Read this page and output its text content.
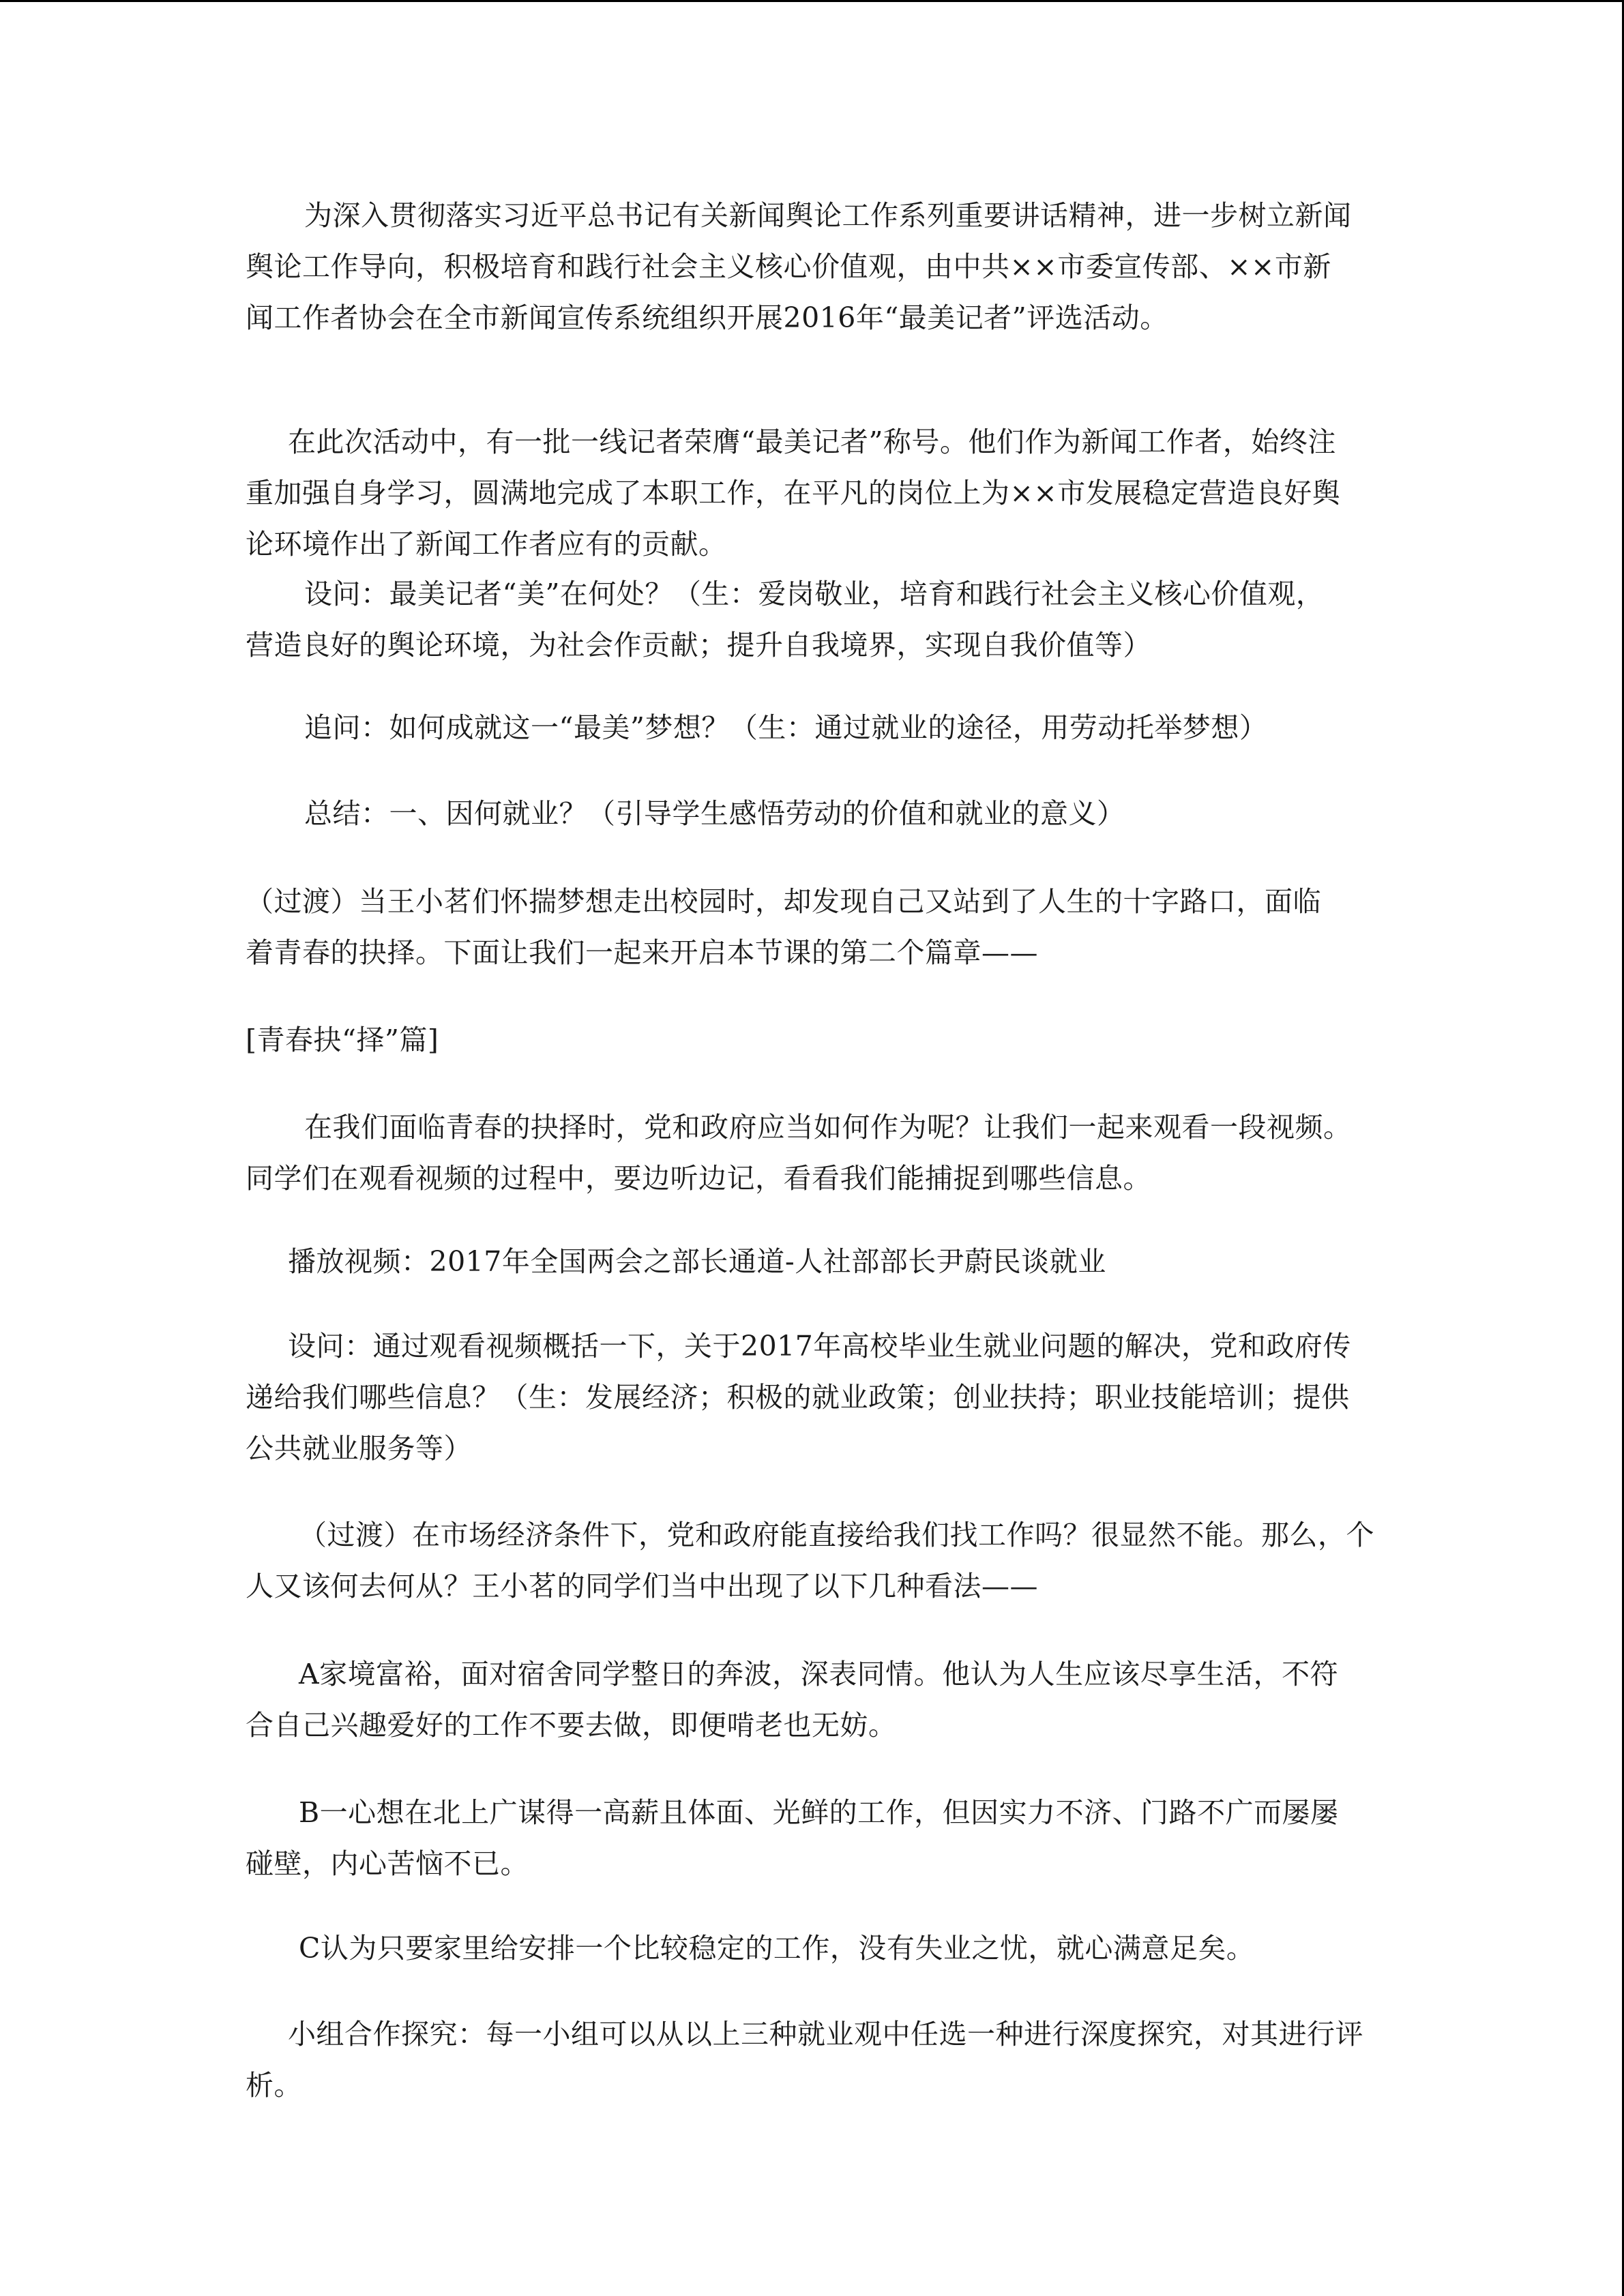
为深入贯彻落实习近平总书记有关新闻舆论工作系列重要讲话精神，进一步树立新闻
舆论工作导向，积极培育和践行社会主义核心价值观，由中共××市委宣传部、××市新
闻工作者协会在全市新闻宣传系统组织开展2016年“最美记者”评选活动。
在此次活动中，有一批一线记者荣膺“最美记者”称号。他们作为新闻工作者，始终注
重加强自身学习，圆满地完成了本职工作，在平凡的岗位上为××市发展稳定营造良好舆
论环境作出了新闻工作者应有的贡献。
设问：最美记者“美”在何处？（生：爱岗敬业，培育和践行社会主义核心价值观，
营造良好的舆论环境，为社会作贡献；提升自我境界，实现自我价值等）
追问：如何成就这一“最美”梦想？（生：通过就业的途径，用劳动托举梦想）
总结：一、因何就业？（引导学生感悟劳动的价值和就业的意义）
（过渡）当王小茗们怀揣梦想走出校园时，却发现自己又站到了人生的十字路口，面临
着青春的抉择。下面让我们一起来开启本节课的第二个篇章——
[青春抉“择”篇]
在我们面临青春的抉择时，党和政府应当如何作为呢？让我们一起来观看一段视频。
同学们在观看视频的过程中，要边听边记，看看我们能捕捉到哪些信息。
播放视频：2017年全国两会之部长通道-人社部部长尹蔚民谈就业
设问：通过观看视频概括一下，关于2017年高校毕业生就业问题的解决，党和政府传
递给我们哪些信息？（生：发展经济；积极的就业政策；创业扶持；职业技能培训；提供
公共就业服务等）
（过渡）在市场经济条件下，党和政府能直接给我们找工作吗？很显然不能。那么，个
人又该何去何从？王小茗的同学们当中出现了以下几种看法——
A家境富裕，面对宿舍同学整日的奔波，深表同情。他认为人生应该尽享生活，不符
合自己兴趣爱好的工作不要去做，即便啃老也无妨。
B一心想在北上广谋得一高薪且体面、光鲜的工作，但因实力不济、门路不广而屡屡
碰壁，内心苦恼不已。
C认为只要家里给安排一个比较稳定的工作，没有失业之忧，就心满意足矣。
小组合作探究：每一小组可以从以上三种就业观中任选一种进行深度探究，对其进行评
析。
